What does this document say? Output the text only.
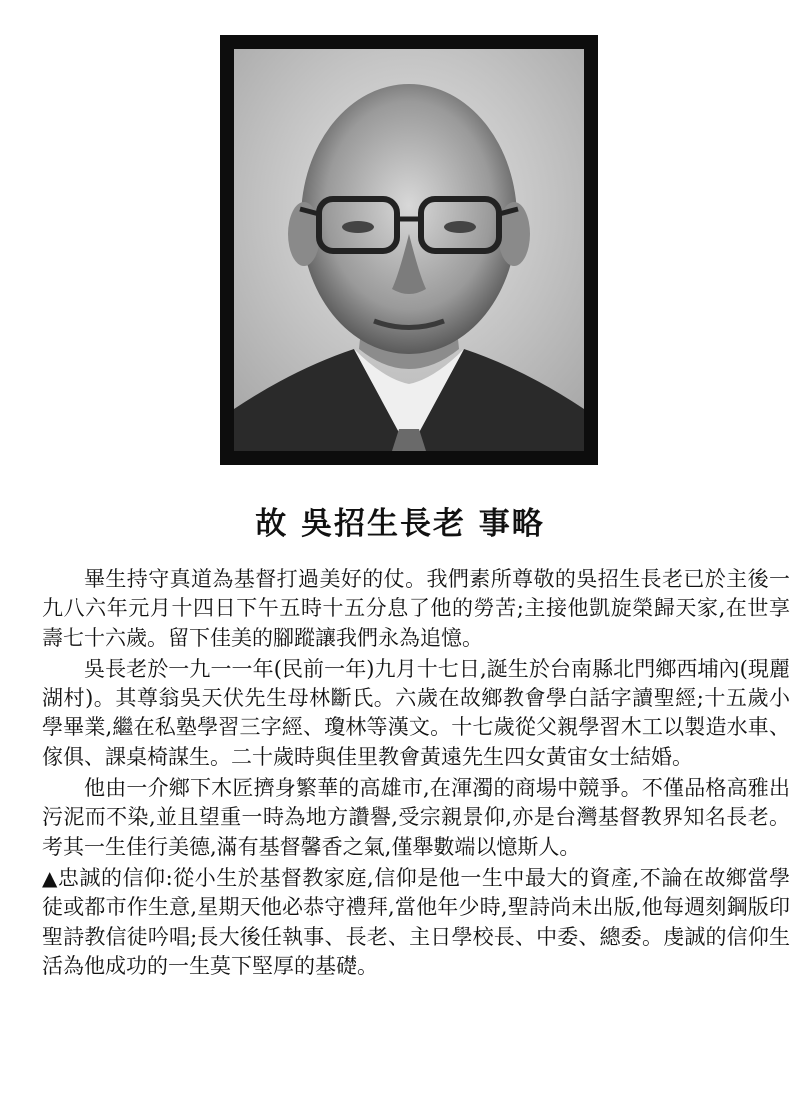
故 吳招生長老 事略

畢生持守真道為基督打過美好的仗。我們素所尊敬的吳招生長老已於主後一九八六年元月十四日下午五時十五分息了他的勞苦;主接他凱旋榮歸天家,在世享壽七十六歲。留下佳美的腳蹤讓我們永為追憶。

吳長老於一九一一年(民前一年)九月十七日,誕生於台南縣北門鄉西埔內(現麗湖村)。其尊翁吳天伏先生母林斷氏。六歲在故鄉教會學白話字讀聖經;十五歲小學畢業,繼在私塾學習三字經、瓊林等漢文。十七歲從父親學習木工以製造水車、傢俱、課桌椅謀生。二十歲時與佳里教會黃遠先生四女黃宙女士結婚。

他由一介鄉下木匠擠身繁華的高雄市,在渾濁的商場中競爭。不僅品格高雅出污泥而不染,並且望重一時為地方讚譽,受宗親景仰,亦是台灣基督教界知名長老。考其一生佳行美德,滿有基督馨香之氣,僅舉數端以憶斯人。

▲忠誠的信仰:從小生於基督教家庭,信仰是他一生中最大的資產,不論在故鄉當學徒或都市作生意,星期天他必恭守禮拜,當他年少時,聖詩尚未出版,他每週刻鋼版印聖詩教信徒吟唱;長大後任執事、長老、主日學校長、中委、總委。虔誠的信仰生活為他成功的一生莫下堅厚的基礎。
